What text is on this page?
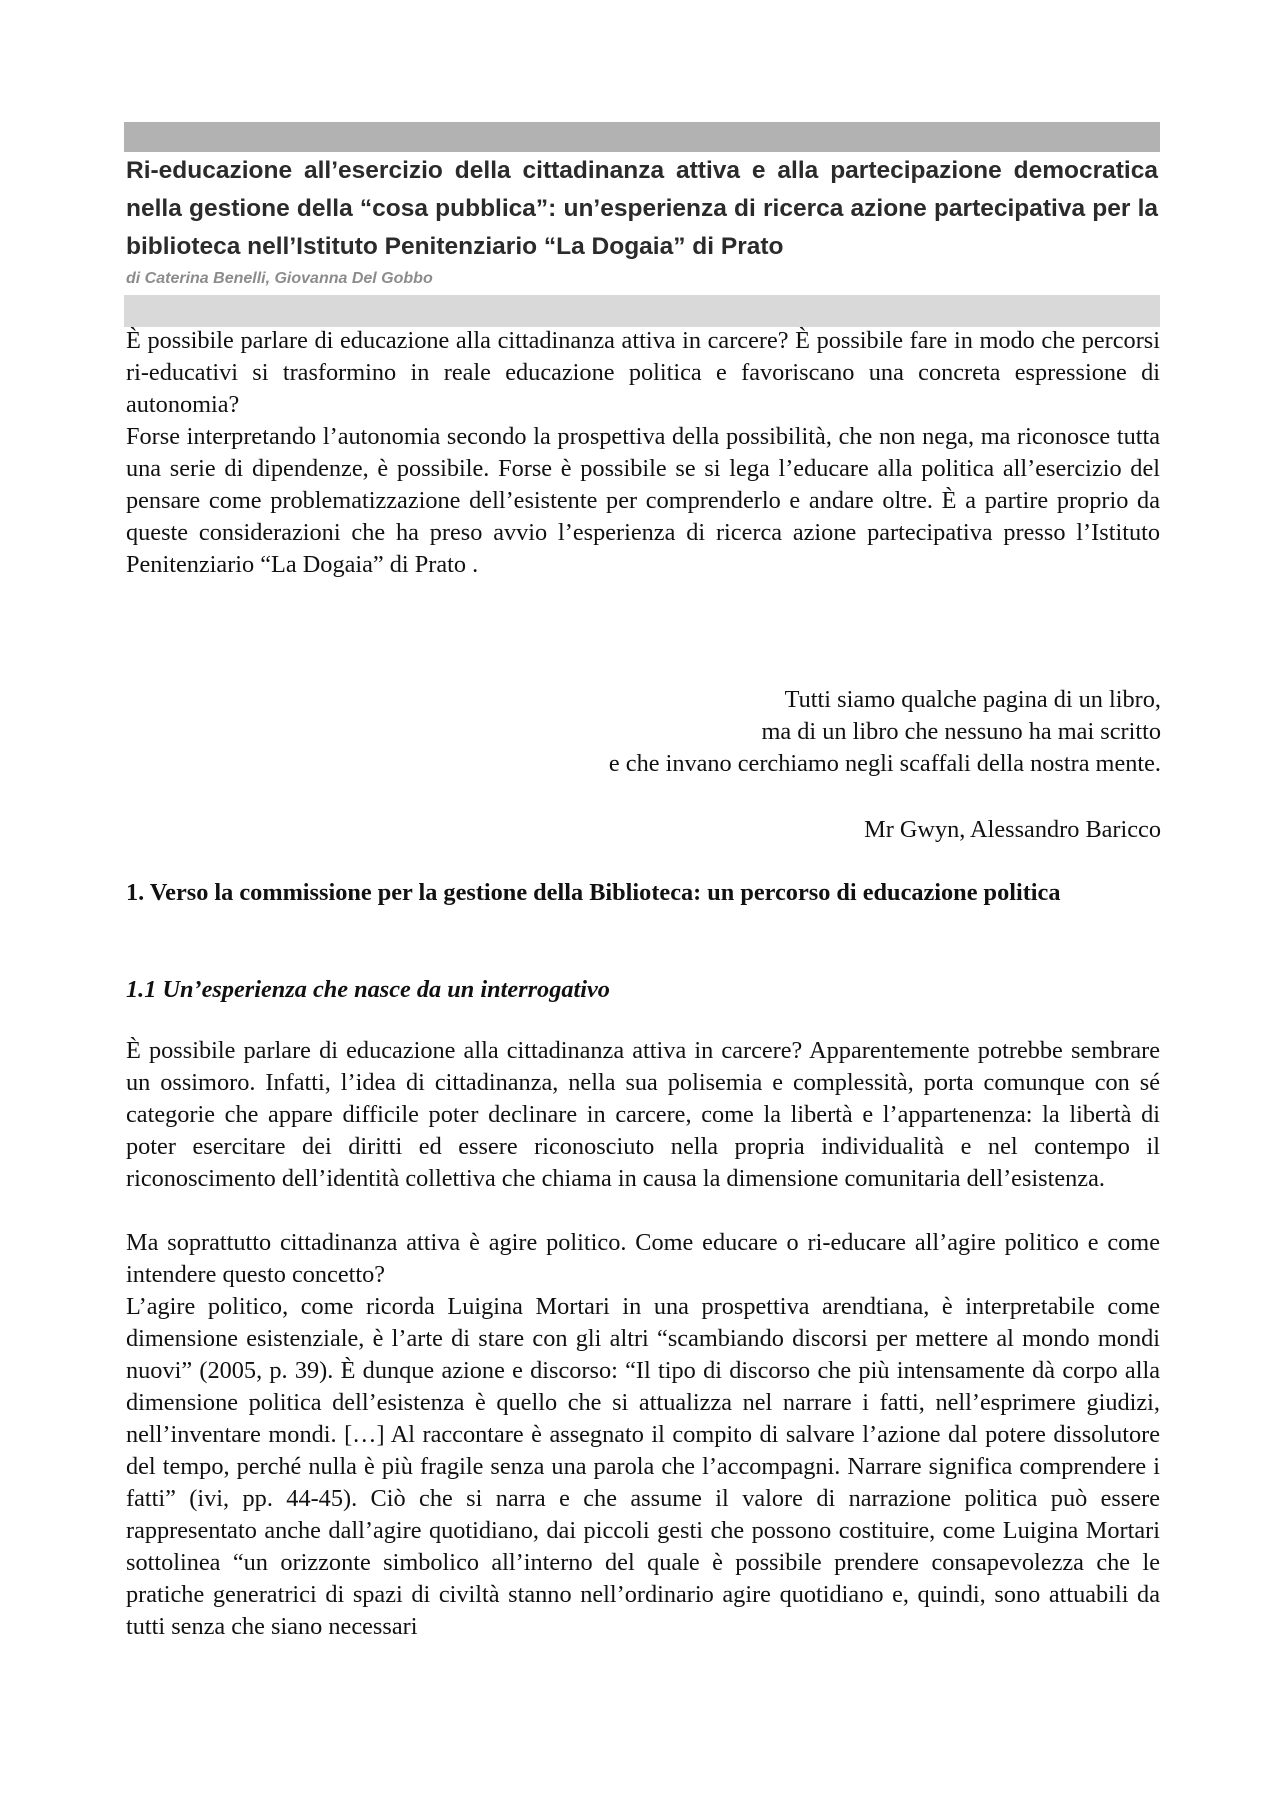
Ri-educazione all’esercizio della cittadinanza attiva e alla partecipazione democratica nella gestione della “cosa pubblica”: un’esperienza di ricerca azione partecipativa per la biblioteca nell’Istituto Penitenziario “La Dogaia” di Prato

di Caterina Benelli, Giovanna Del Gobbo

È possibile parlare di educazione alla cittadinanza attiva in carcere? È possibile fare in modo che percorsi ri-educativi si trasformino in reale educazione politica e favoriscano una concreta espressione di autonomia?

Forse interpretando l’autonomia secondo la prospettiva della possibilità, che non nega, ma riconosce tutta una serie di dipendenze, è possibile. Forse è possibile se si lega l’educare alla politica all’esercizio del pensare come problematizzazione dell’esistente per comprenderlo e andare oltre. È a partire proprio da queste considerazioni che ha preso avvio l’esperienza di ricerca azione partecipativa presso l’Istituto Penitenziario “La Dogaia” di Prato .

Tutti siamo qualche pagina di un libro,
ma di un libro che nessuno ha mai scritto
e che invano cerchiamo negli scaffali della nostra mente.
Mr Gwyn, Alessandro Baricco
1. Verso la commissione per la gestione della Biblioteca: un percorso di educazione politica
1.1 Un’esperienza che nasce da un interrogativo

È possibile parlare di educazione alla cittadinanza attiva in carcere? Apparentemente potrebbe sembrare un ossimoro. Infatti, l’idea di cittadinanza, nella sua polisemia e complessità, porta comunque con sé categorie che appare difficile poter declinare in carcere, come la libertà e l’appartenenza: la libertà di poter esercitare dei diritti ed essere riconosciuto nella propria individualità e nel contempo il riconoscimento dell’identità collettiva che chiama in causa la dimensione comunitaria dell’esistenza.

Ma soprattutto cittadinanza attiva è agire politico. Come educare o ri-educare all’agire politico e come intendere questo concetto?

L’agire politico, come ricorda Luigina Mortari in una prospettiva arendtiana, è interpretabile come dimensione esistenziale, è l’arte di stare con gli altri “scambiando discorsi per mettere al mondo mondi nuovi” (2005, p. 39). È dunque azione e discorso: “Il tipo di discorso che più intensamente dà corpo alla dimensione politica dell’esistenza è quello che si attualizza nel narrare i fatti, nell’esprimere giudizi, nell’inventare mondi. […] Al raccontare è assegnato il compito di salvare l’azione dal potere dissolutore del tempo, perché nulla è più fragile senza una parola che l’accompagni. Narrare significa comprendere i fatti” (ivi, pp. 44-45). Ciò che si narra e che assume il valore di narrazione politica può essere rappresentato anche dall’agire quotidiano, dai piccoli gesti che possono costituire, come Luigina Mortari sottolinea “un orizzonte simbolico all’interno del quale è possibile prendere consapevolezza che le pratiche generatrici di spazi di civiltà stanno nell’ordinario agire quotidiano e, quindi, sono attuabili da tutti senza che siano necessari
